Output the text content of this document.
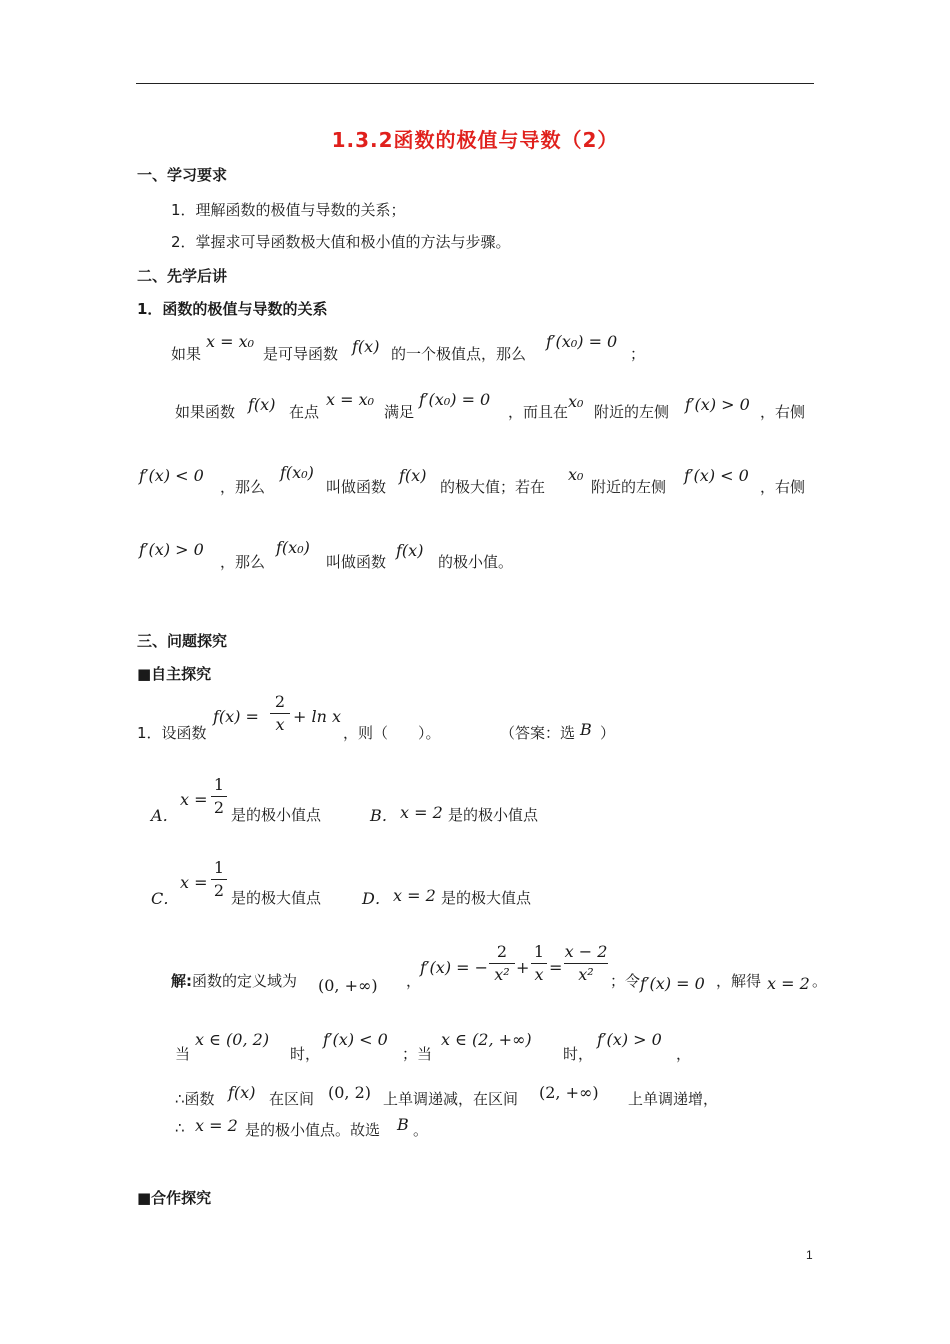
1.3.2函数的极值与导数（2）
一、学习要求
1．理解函数的极值与导数的关系；
2．掌握求可导函数极大值和极小值的方法与步骤。
二、先学后讲
1．函数的极值与导数的关系
如果
x = x₀
是可导函数 f(x) 的一个极值点，那么
f′(x₀) = 0
；
如果函数 f(x) 在点
x = x₀
满足
f′(x₀) = 0
，而且在
x₀
附近的左侧 f′(x) > 0 ，右侧
f′(x) < 0
，那么
f(x₀)
叫做函数
f(x)
的极大值；若在
x₀
附近的左侧
f′(x) < 0
，右侧
f′(x) > 0
，那么
f(x₀)
叫做函数
f(x)
的极小值。
三、问题探究
■自主探究
1．设函数
f(x) =
2
x + ln x
，则（　　）。	（答案：选 B ）
A．
x =
1
2 是的极小值点	B． x = 2 是的极小值点
C．
x =
1
2 是的极大值点	D． x = 2 是的极大值点
解:函数的定义域为 (0, +∞) ，
f′(x) = −
2
x² +
1
x =
x − 2
x²	；令 f′(x) = 0 ，解得 x = 2 。
当
x ∈ (0, 2)
时，
f′(x) < 0
；当
x ∈ (2, +∞)
时，
f′(x) > 0
，
∴函数 f(x) 在区间 (0, 2) 上单调递减，在区间 (2, +∞) 上单调递增，
∴ x = 2 是的极小值点。故选 B 。
■合作探究
1
